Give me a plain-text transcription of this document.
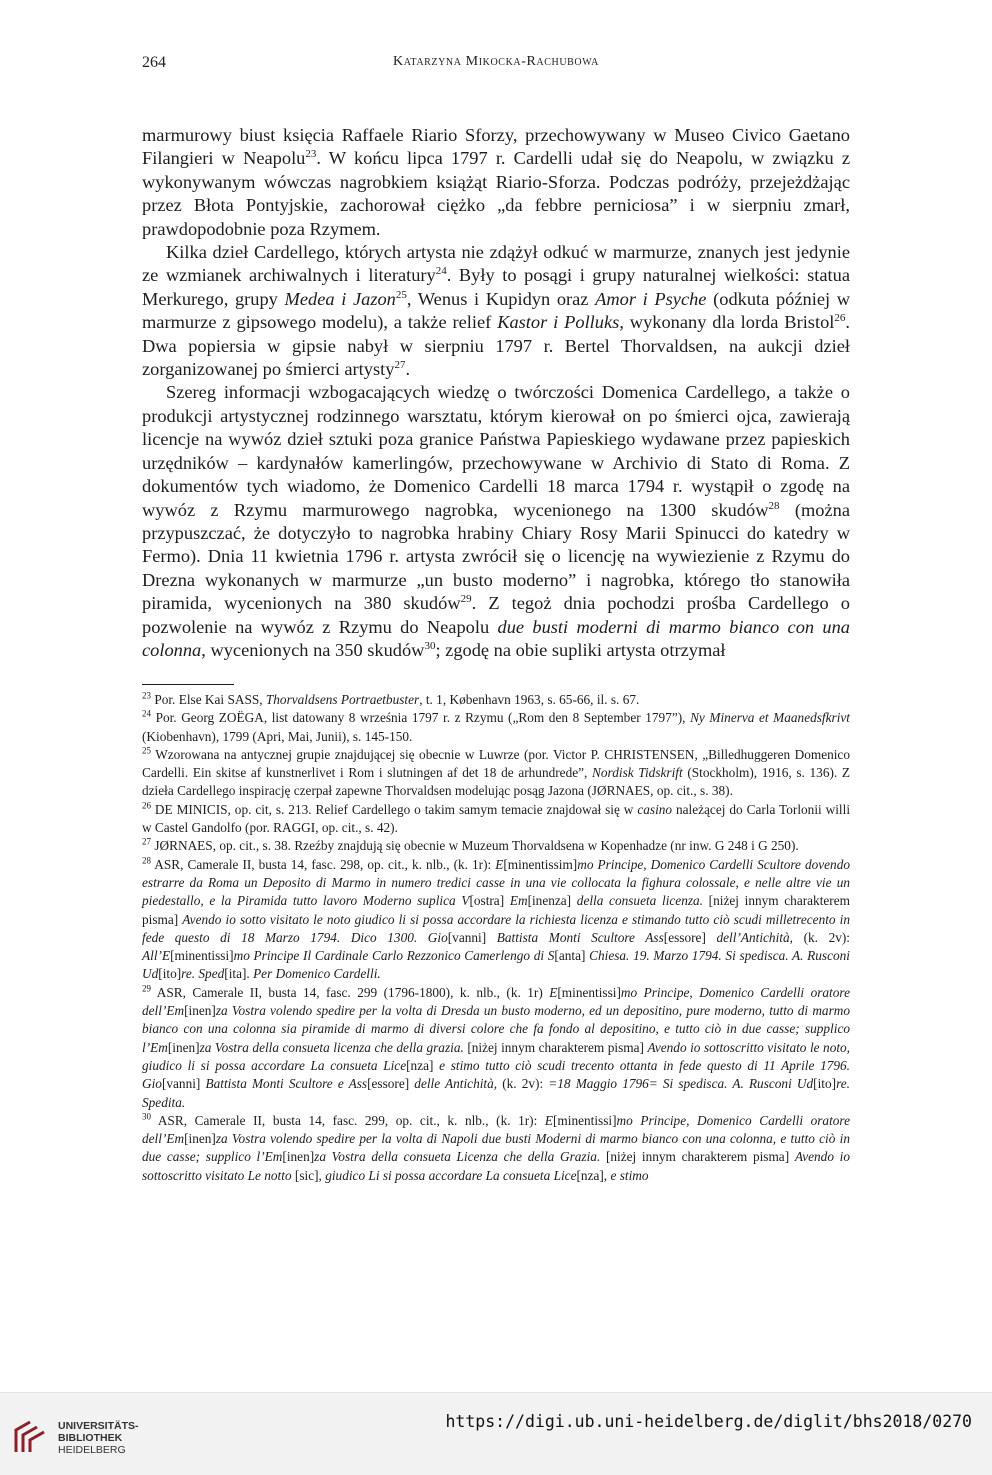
264	Katarzyna Mikocka-Rachubowa

marmurowy biust księcia Raffaele Riario Sforzy, przechowywany w Museo Civico Gaetano Filangieri w Neapolu$^{23}$. W końcu lipca 1797 r. Cardelli udał się do Neapolu, w związku z wykonywanym wówczas nagrobkiem książąt Riario-Sforza. Podczas podróży, przejeżdżając przez Błota Pontyjskie, zachorował ciężko „da febbre perniciosa” i w sierpniu zmarł, prawdopodobnie poza Rzymem.

Kilka dzieł Cardellego, których artysta nie zdążył odkuć w marmurze, znanych jest jedynie ze wzmianek archiwalnych i literatury$^{24}$. Były to posągi i grupy naturalnej wielkości: statua Merkurego, grupy Medea i Jazon$^{25}$, Wenus i Kupidyn oraz Amor i Psyche (odkuta później w marmurze z gipsowego modelu), a także relief Kastor i Polluks, wykonany dla lorda Bristol$^{26}$. Dwa popiersia w gipsie nabył w sierpniu 1797 r. Bertel Thorvaldsen, na aukcji dzieł zorganizowanej po śmierci artysty$^{27}$.

Szereg informacji wzbogacających wiedzę o twórczości Domenica Cardellego, a także o produkcji artystycznej rodzinnego warsztatu, którym kierował on po śmierci ojca, zawierają licencje na wywóz dzieł sztuki poza granice Państwa Papieskiego wydawane przez papieskich urzędników – kardynałów kamerlingów, przechowywane w Archivio di Stato di Roma. Z dokumentów tych wiadomo, że Domenico Cardelli 18 marca 1794 r. wystąpił o zgodę na wywóz z Rzymu marmurowego nagrobka, wycenionego na 1300 skudów$^{28}$ (można przypuszczać, że dotyczyło to nagrobka hrabiny Chiary Rosy Marii Spinucci do katedry w Fermo). Dnia 11 kwietnia 1796 r. artysta zwrócił się o licencję na wywiezienie z Rzymu do Drezna wykonanych w marmurze „un busto moderno” i nagrobka, którego tło stanowiła piramida, wycenionych na 380 skudów$^{29}$. Z tegoż dnia pochodzi prośba Cardellego o pozwolenie na wywóz z Rzymu do Neapolu due busti moderni di marmo bianco con una colonna, wycenionych na 350 skudów$^{30}$; zgodę na obie supliki artysta otrzymał

$^{23}$ Por. Else Kai SASS, Thorvaldsens Portraetbuster, t. 1, København 1963, s. 65-66, il. s. 67.

$^{24}$ Por. Georg ZOËGA, list datowany 8 września 1797 r. z Rzymu („Rom den 8 September 1797”), Ny Minerva et Maanedsfkrivt (Kiobenhavn), 1799 (Apri, Mai, Junii), s. 145-150.

$^{25}$ Wzorowana na antycznej grupie znajdującej się obecnie w Luwrze (por. Victor P. CHRISTENSEN, „Billedhuggeren Domenico Cardelli. Ein skitse af kunstnerlivet i Rom i slutningen af det 18 de arhundrede”, Nordisk Tidskrift (Stockholm), 1916, s. 136). Z dzieła Cardellego inspirację czerpał zapewne Thorvaldsen modelując posąg Jazona (JØRNAES, op. cit., s. 38).

$^{26}$ DE MINICIS, op. cit, s. 213. Relief Cardellego o takim samym temacie znajdował się w casino należącej do Carla Torlonii willi w Castel Gandolfo (por. RAGGI, op. cit., s. 42).

$^{27}$ JØRNAES, op. cit., s. 38. Rzeźby znajdują się obecnie w Muzeum Thorvaldsena w Kopenhadze (nr inw. G 248 i G 250).

$^{28}$ ASR, Camerale II, busta 14, fasc. 298, op. cit., k. nlb., (k. 1r): E[minentissim]mo Principe, Domenico Cardelli Scultore dovendo estrarre da Roma un Deposito di Marmo in numero tredici casse in una vie collocata la fighura colossale, e nelle altre vie un piedestallo, e la Piramida tutto lavoro Moderno suplica V[ostra] Em[inenza] della consueta licenza. [niżej innym charakterem pisma] Avendo io sotto visitato le noto giudico li si possa accordare la richiesta licenza e stimando tutto ciò scudi milletrecento in fede questo di 18 Marzo 1794. Dico 1300. Gio[vanni] Battista Monti Scultore Ass[essore] dell’Antichità, (k. 2v): All’E[minentissi]mo Principe Il Cardinale Carlo Rezzonico Camerlengo di S[anta] Chiesa. 19. Marzo 1794. Si spedisca. A. Rusconi Ud[ito]re. Sped[ita]. Per Domenico Cardelli.

$^{29}$ ASR, Camerale II, busta 14, fasc. 299 (1796-1800), k. nlb., (k. 1r) E[minentissi]mo Principe, Domenico Cardelli oratore dell’Em[inen]za Vostra volendo spedire per la volta di Dresda un busto moderno, ed un depositino, pure moderno, tutto di marmo bianco con una colonna sia piramide di marmo di diversi colore che fa fondo al depositino, e tutto ciò in due casse; supplico l’Em[inen]za Vostra della consueta licenza che della grazia. [niżej innym charakterem pisma] Avendo io sottoscritto visitato le noto, giudico li si possa accordare La consueta Lice[nza] e stimo tutto ciò scudi trecento ottanta in fede questo di 11 Aprile 1796. Gio[vanni] Battista Monti Scultore e Ass[essore] delle Antichità, (k. 2v): =18 Maggio 1796= Si spedisca. A. Rusconi Ud[ito]re. Spedita.

$^{30}$ ASR, Camerale II, busta 14, fasc. 299, op. cit., k. nlb., (k. 1r): E[minentissi]mo Principe, Domenico Cardelli oratore dell’Em[inen]za Vostra volendo spedire per la volta di Napoli due busti Moderni di marmo bianco con una colonna, e tutto ciò in due casse; supplico l’Em[inen]za Vostra della consueta Licenza che della Grazia. [niżej innym charakterem pisma] Avendo io sottoscritto visitato Le notto [sic], giudico Li si possa accordare La consueta Lice[nza], e stimo

UNIVERSITÄTS-
BIBLIOTHEK
HEIDELBERG
https://digi.ub.uni-heidelberg.de/diglit/bhs2018/0270
